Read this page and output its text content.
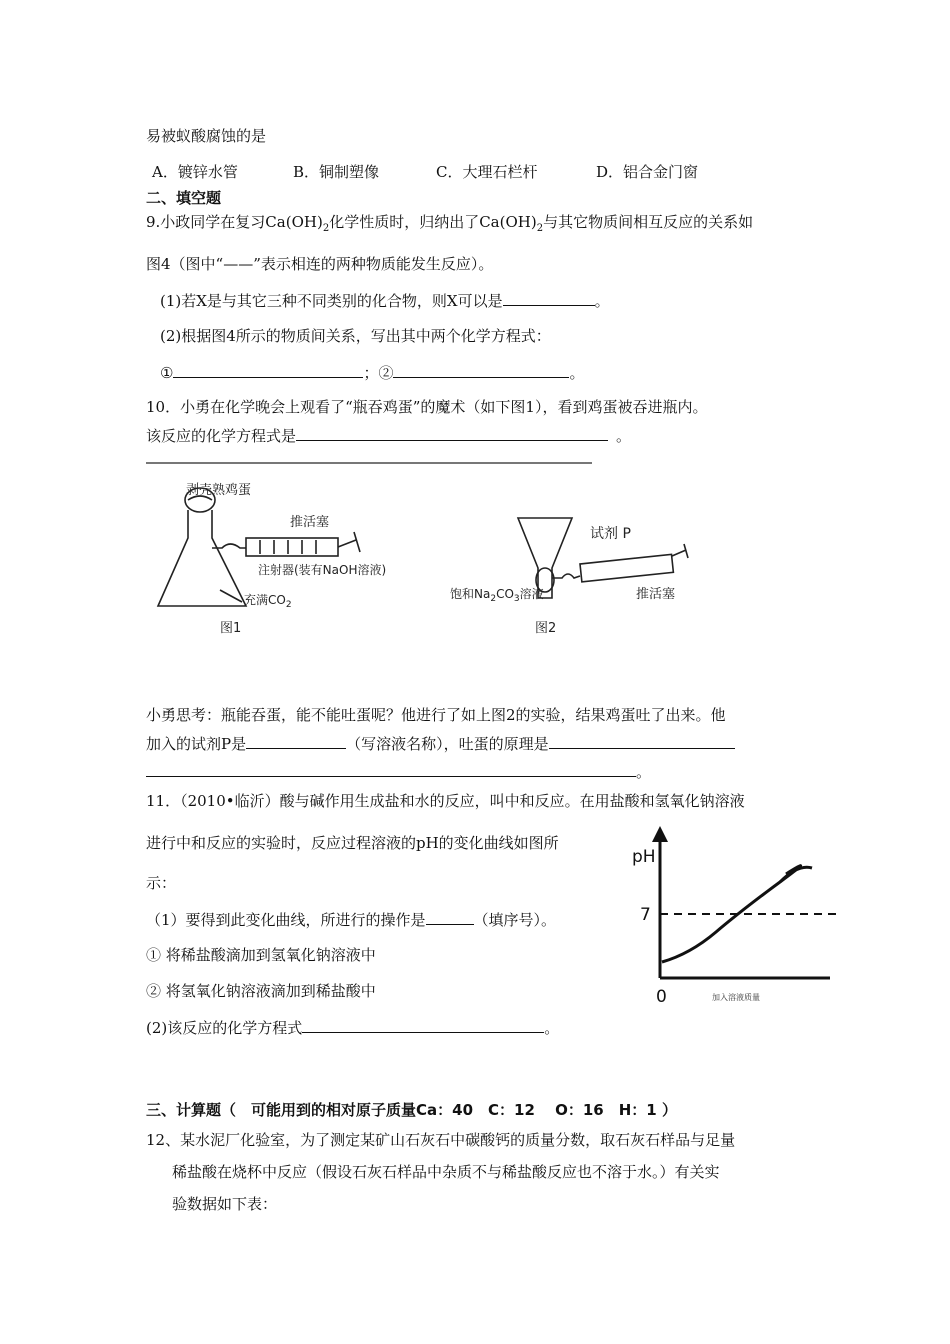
易被蚁酸腐蚀的是
A．镀锌水管	B．铜制塑像	C．大理石栏杆	D．铝合金门窗
二、填空题
9.小政同学在复习$Ca(OH)_2$化学性质时，归纳出了$Ca(OH)_2$与其它物质间相互反应的关系如
图4（图中“——”表示相连的两种物质能发生反应）。
(1)若X是与其它三种不同类别的化合物，则X可以是	。
(2)根据图4所示的物质间关系，写出其中两个化学方程式：
①	；②	。
10．小勇在化学晚会上观看了“瓶吞鸡蛋”的魔术（如下图1），看到鸡蛋被吞进瓶内。
该反应的化学方程式是	。
剥壳熟鸡蛋
推活塞
注射器(装有NaOH溶液)
充满$CO_2$
图1
试剂 P
饱和$Na_2CO_3$溶液	推活塞
图2
小勇思考：瓶能吞蛋，能不能吐蛋呢？他进行了如上图2的实验，结果鸡蛋吐了出来。他
加入的试剂P是	（写溶液名称），吐蛋的原理是
。
11．（2010•临沂）酸与碱作用生成盐和水的反应，叫中和反应。在用盐酸和氢氧化钠溶液
进行中和反应的实验时，反应过程溶液的pH的变化曲线如图所
示：
（1）要得到此变化曲线，所进行的操作是	（填序号）。
① 将稀盐酸滴加到氢氧化钠溶液中
② 将氢氧化钠溶液滴加到稀盐酸中
(2)该反应的化学方程式	。
pH
7
0	加入溶液质量
三、计算题（　可能用到的相对原子质量Ca：40　C：12　 O：16　H：1 ）
12、某水泥厂化验室，为了测定某矿山石灰石中碳酸钙的质量分数，取石灰石样品与足量
稀盐酸在烧杯中反应（假设石灰石样品中杂质不与稀盐酸反应也不溶于水。）有关实
验数据如下表：
